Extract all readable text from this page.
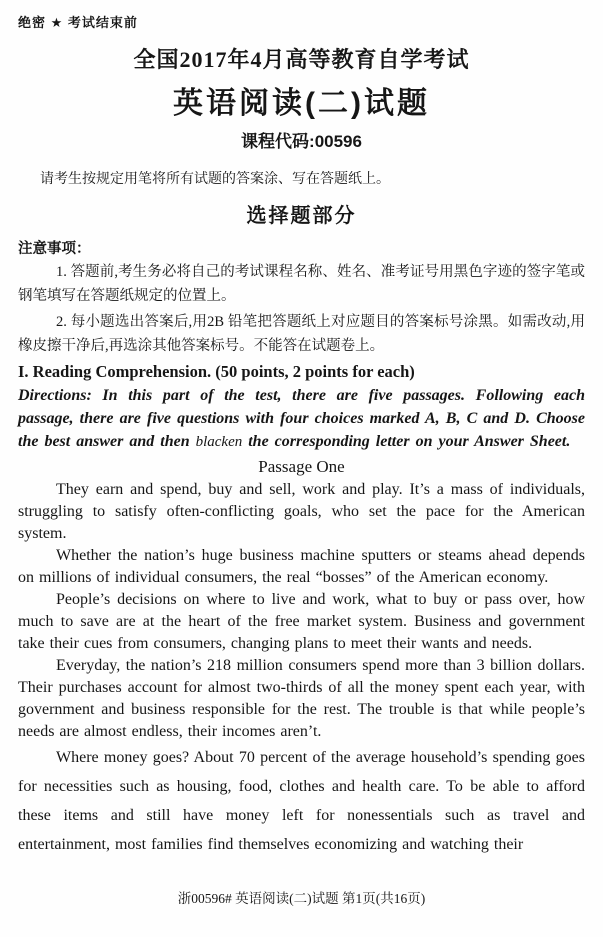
绝密 ★ 考试结束前
全国2017年4月高等教育自学考试
英语阅读(二)试题
课程代码:00596

请考生按规定用笔将所有试题的答案涂、写在答题纸上。

选择题部分
注意事项：

1. 答题前,考生务必将自己的考试课程名称、姓名、准考证号用黑色字迹的签字笔或钢笔填写在答题纸规定的位置上。

2. 每小题选出答案后,用2B 铅笔把答题纸上对应题目的答案标号涂黑。如需改动,用橡皮擦干净后,再选涂其他答案标号。不能答在试题卷上。

I. Reading Comprehension. (50 points, 2 points for each)

Directions: In this part of the test, there are five passages. Following each passage, there are five questions with four choices marked A, B, C and D. Choose the best answer and then blacken the corresponding letter on your Answer Sheet.

Passage One

They earn and spend, buy and sell, work and play. It’s a mass of individuals, struggling to satisfy often-conflicting goals, who set the pace for the American system.

Whether the nation’s huge business machine sputters or steams ahead depends on millions of individual consumers, the real “bosses” of the American economy.

People’s decisions on where to live and work, what to buy or pass over, how much to save are at the heart of the free market system. Business and government take their cues from consumers, changing plans to meet their wants and needs.

Everyday, the nation’s 218 million consumers spend more than 3 billion dollars. Their purchases account for almost two-thirds of all the money spent each year, with government and business responsible for the rest. The trouble is that while people’s needs are almost endless, their incomes aren’t.

Where money goes? About 70 percent of the average household’s spending goes for necessities such as housing, food, clothes and health care. To be able to afford these items and still have money left for nonessentials such as travel and entertainment, most families find themselves economizing and watching their

浙00596# 英语阅读(二)试题 第1页(共16页)
